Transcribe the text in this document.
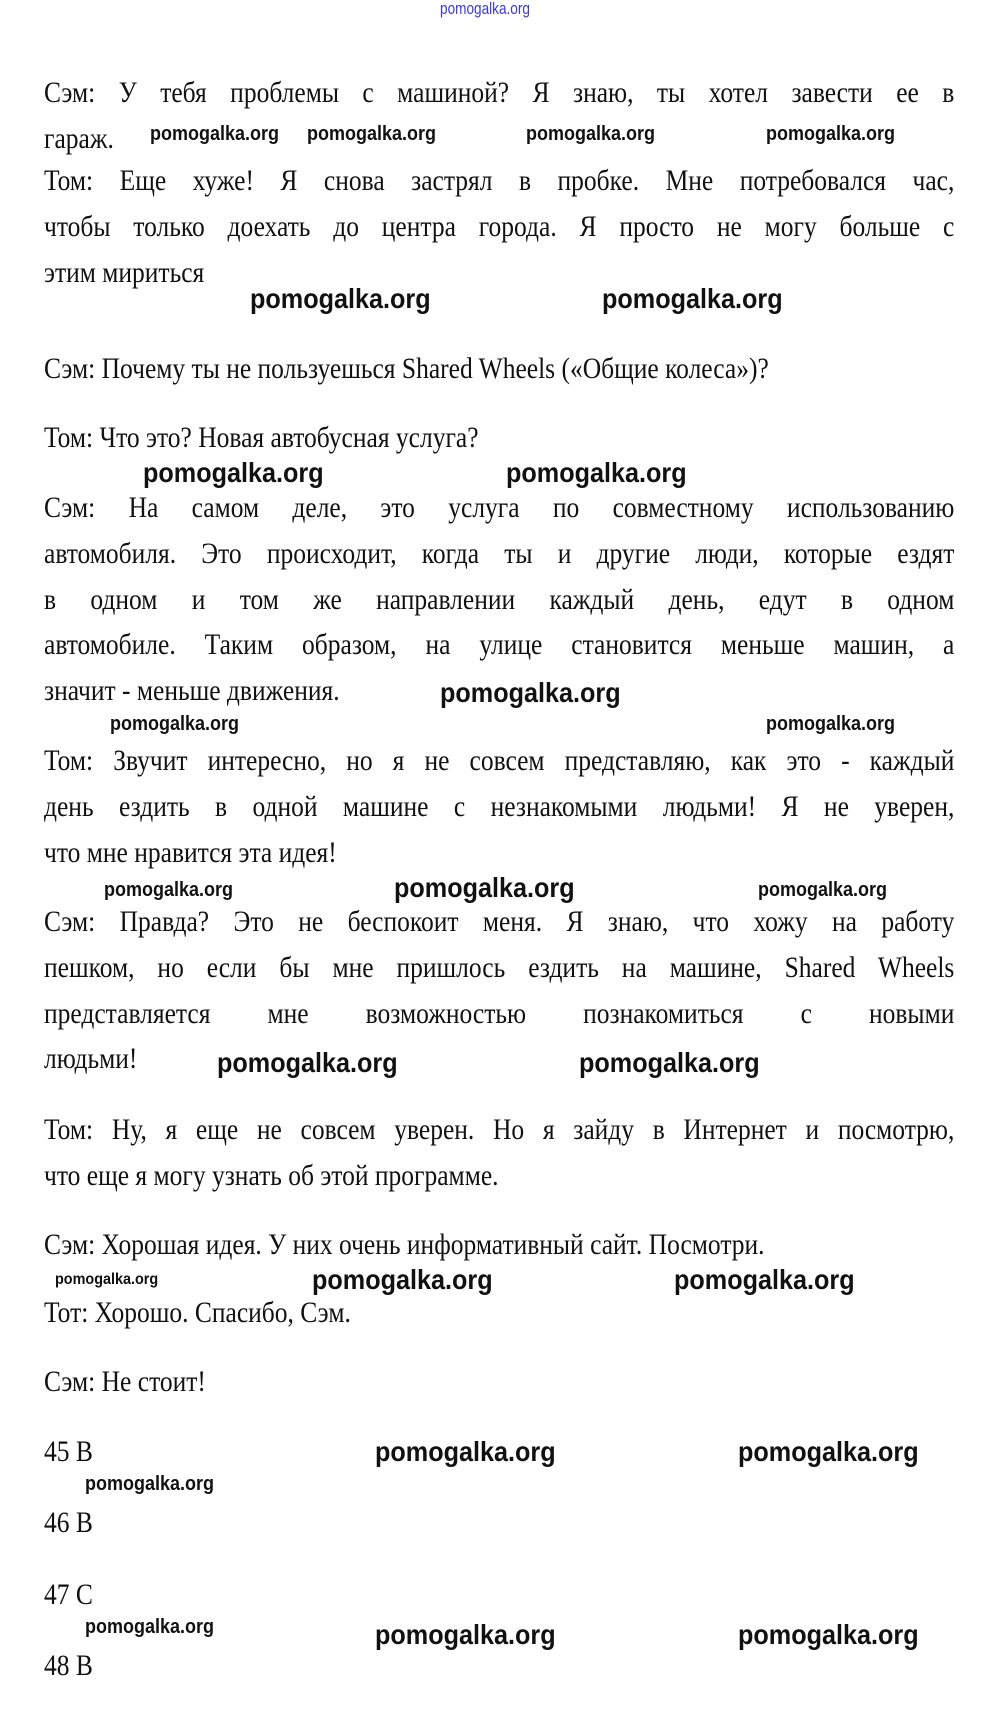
pomogalka.org
Сэм: У тебя проблемы с машиной? Я знаю, ты хотел завести ее в
гараж.
Том: Еще хуже! Я снова застрял в пробке. Мне потребовался час,
чтобы только доехать до центра города. Я просто не могу больше с
этим мириться
Сэм: Почему ты не пользуешься Shared Wheels («Общие колеса»)?
Том: Что это? Новая автобусная услуга?
Сэм: На самом деле, это услуга по совместному использованию
автомобиля. Это происходит, когда ты и другие люди, которые ездят
в одном и том же направлении каждый день, едут в одном
автомобиле. Таким образом, на улице становится меньше машин, а
значит - меньше движения.
Том: Звучит интересно, но я не совсем представляю, как это - каждый
день ездить в одной машине с незнакомыми людьми! Я не уверен,
что мне нравится эта идея!
Сэм: Правда? Это не беспокоит меня. Я знаю, что хожу на работу
пешком, но если бы мне пришлось ездить на машине, Shared Wheels
представляется мне возможностью познакомиться с новыми
людьми!
Том: Ну, я еще не совсем уверен. Но я зайду в Интернет и посмотрю,
что еще я могу узнать об этой программе.
Сэм: Хорошая идея. У них очень информативный сайт. Посмотри.
Тот: Хорошо. Спасибо, Сэм.
Сэм: Не стоит!
45 B
46 B
47 C
48 B
pomogalka.org pomogalka.org	pomogalka.org	pomogalka.org
pomogalka.org	pomogalka.org
pomogalka.org	pomogalka.org
pomogalka.org	pomogalka.org
pomogalka.org
pomogalka.org	pomogalka.org	pomogalka.org
pomogalka.org	pomogalka.org
pomogalka.org	pomogalka.org	pomogalka.org
pomogalka.org	pomogalka.org
pomogalka.org
pomogalka.org	pomogalka.org	pomogalka.org
